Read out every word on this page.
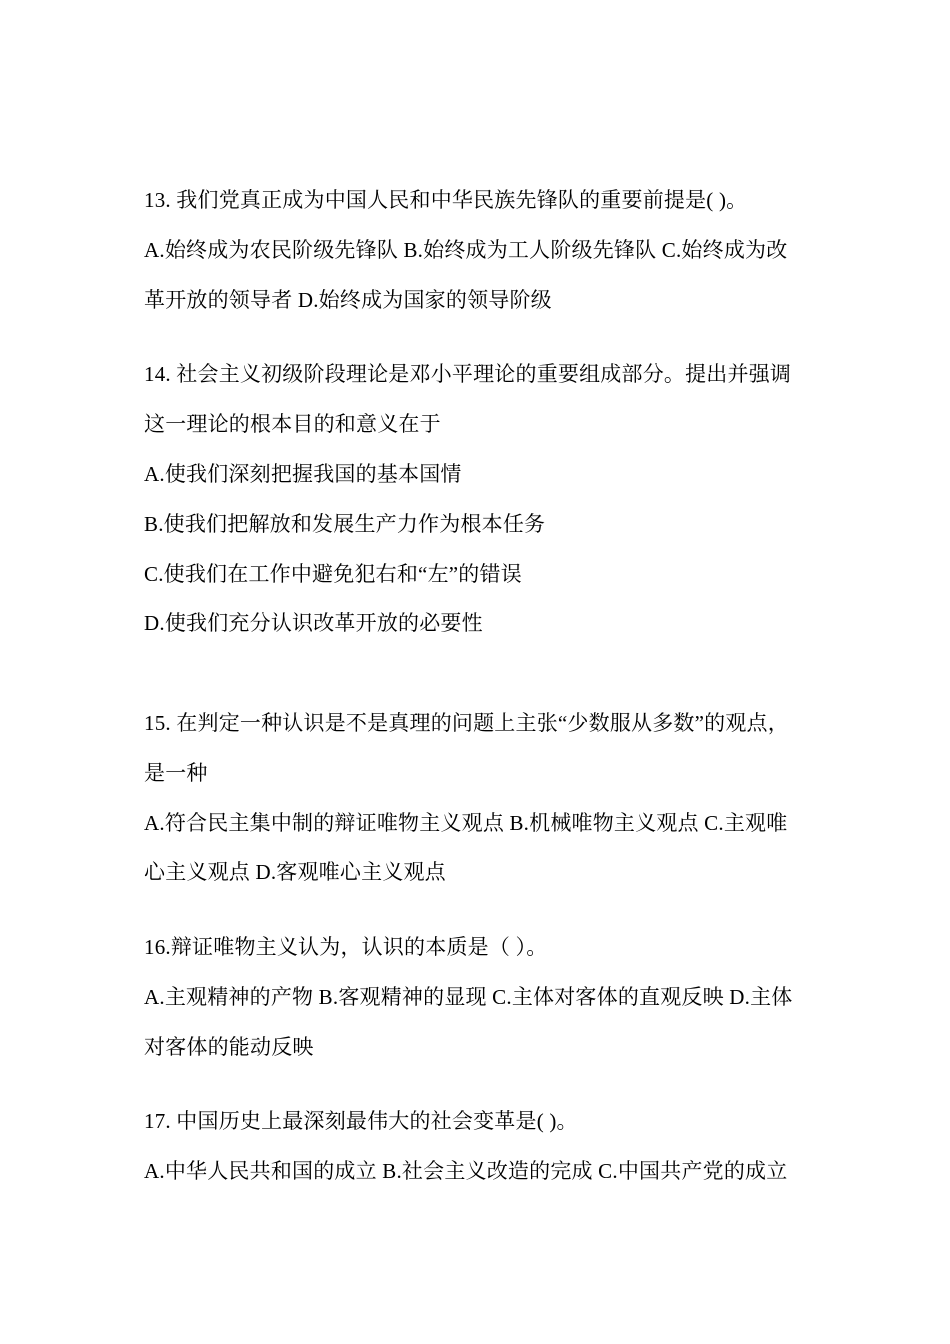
13. 我们党真正成为中国人民和中华民族先锋队的重要前提是( )。
A.始终成为农民阶级先锋队 B.始终成为工人阶级先锋队 C.始终成为改
革开放的领导者 D.始终成为国家的领导阶级
14. 社会主义初级阶段理论是邓小平理论的重要组成部分。提出并强调
这一理论的根本目的和意义在于
A.使我们深刻把握我国的基本国情
B.使我们把解放和发展生产力作为根本任务
C.使我们在工作中避免犯右和“左”的错误
D.使我们充分认识改革开放的必要性
15. 在判定一种认识是不是真理的问题上主张“少数服从多数”的观点，
是一种
A.符合民主集中制的辩证唯物主义观点 B.机械唯物主义观点 C.主观唯
心主义观点 D.客观唯心主义观点
16.辩证唯物主义认为，认识的本质是（ ）。
A.主观精神的产物 B.客观精神的显现 C.主体对客体的直观反映 D.主体
对客体的能动反映
17. 中国历史上最深刻最伟大的社会变革是( )。
A.中华人民共和国的成立 B.社会主义改造的完成 C.中国共产党的成立
